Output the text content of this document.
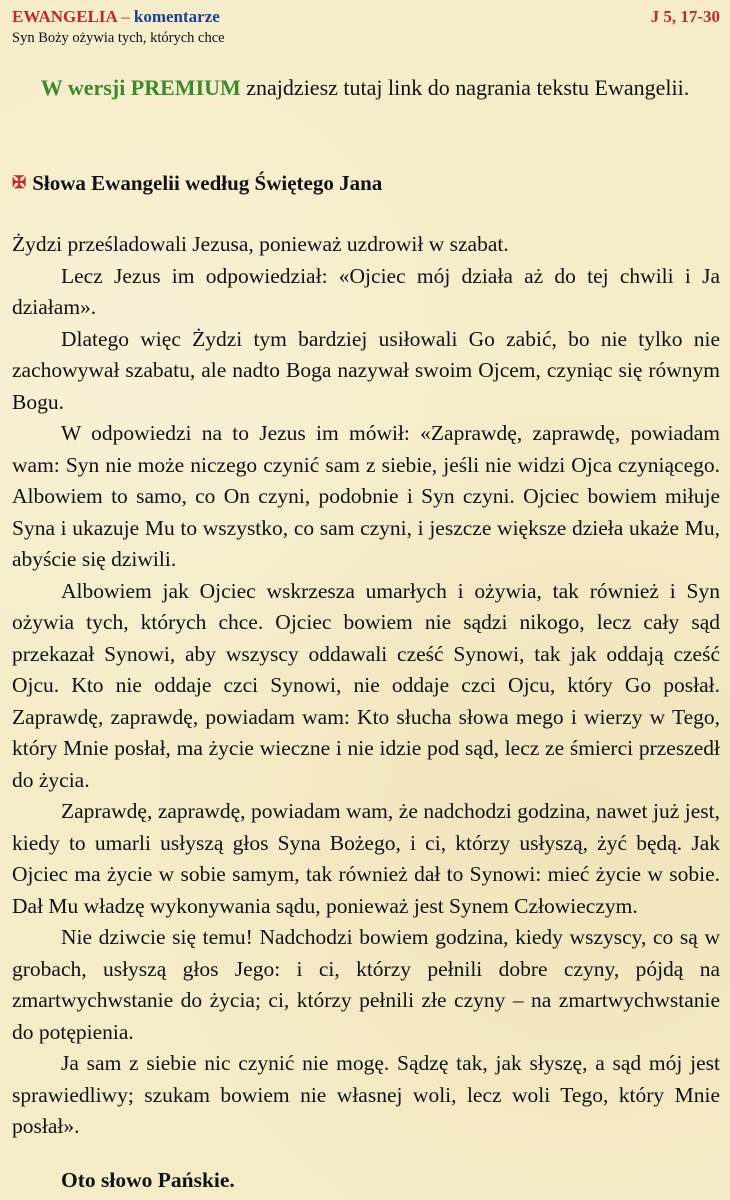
EWANGELIA – komentarze
Syn Boży ożywia tych, których chce
J 5, 17-30
W wersji PREMIUM znajdziesz tutaj link do nagrania tekstu Ewangelii.
✠ Słowa Ewangelii według Świętego Jana

Żydzi prześladowali Jezusa, ponieważ uzdrowił w szabat.

Lecz Jezus im odpowiedział: «Ojciec mój działa aż do tej chwili i Ja działam».

Dlatego więc Żydzi tym bardziej usiłowali Go zabić, bo nie tylko nie zachowywał szabatu, ale nadto Boga nazywał swoim Ojcem, czyniąc się równym Bogu.

W odpowiedzi na to Jezus im mówił: «Zaprawdę, zaprawdę, powiadam wam: Syn nie może niczego czynić sam z siebie, jeśli nie widzi Ojca czyniącego. Albowiem to samo, co On czyni, podobnie i Syn czyni. Ojciec bowiem miłuje Syna i ukazuje Mu to wszystko, co sam czyni, i jeszcze większe dzieła ukaże Mu, abyście się dziwili.

Albowiem jak Ojciec wskrzesza umarłych i ożywia, tak również i Syn ożywia tych, których chce. Ojciec bowiem nie sądzi nikogo, lecz cały sąd przekazał Synowi, aby wszyscy oddawali cześć Synowi, tak jak oddają cześć Ojcu. Kto nie oddaje czci Synowi, nie oddaje czci Ojcu, który Go posłał. Zaprawdę, zaprawdę, powiadam wam: Kto słucha słowa mego i wierzy w Tego, który Mnie posłał, ma życie wieczne i nie idzie pod sąd, lecz ze śmierci przeszedł do życia.

Zaprawdę, zaprawdę, powiadam wam, że nadchodzi godzina, nawet już jest, kiedy to umarli usłyszą głos Syna Bożego, i ci, którzy usłyszą, żyć będą. Jak Ojciec ma życie w sobie samym, tak również dał to Synowi: mieć życie w sobie. Dał Mu władzę wykonywania sądu, ponieważ jest Synem Człowieczym.

Nie dziwcie się temu! Nadchodzi bowiem godzina, kiedy wszyscy, co są w grobach, usłyszą głos Jego: i ci, którzy pełnili dobre czyny, pójdą na zmartwychwstanie do życia; ci, którzy pełnili złe czyny – na zmartwychwstanie do potępienia.

Ja sam z siebie nic czynić nie mogę. Sądzę tak, jak słyszę, a sąd mój jest sprawiedliwy; szukam bowiem nie własnej woli, lecz woli Tego, który Mnie posłał».

Oto słowo Pańskie.
